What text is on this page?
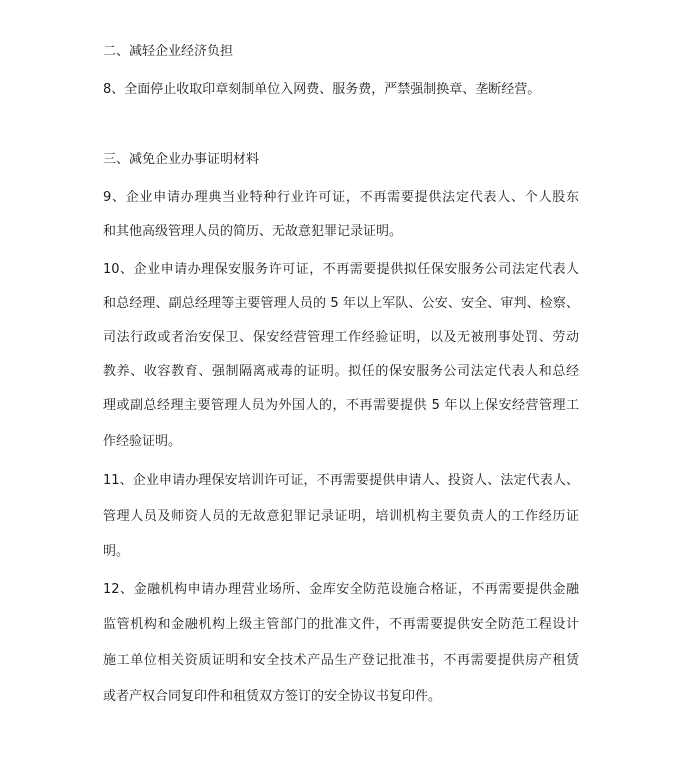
二、减轻企业经济负担
8、全面停止收取印章刻制单位入网费、服务费，严禁强制换章、垄断经营。
三、减免企业办事证明材料
9、企业申请办理典当业特种行业许可证，不再需要提供法定代表人、个人股东
和其他高级管理人员的简历、无故意犯罪记录证明。
10、企业申请办理保安服务许可证，不再需要提供拟任保安服务公司法定代表人
和总经理、副总经理等主要管理人员的 5 年以上军队、公安、安全、审判、检察、
司法行政或者治安保卫、保安经营管理工作经验证明，以及无被刑事处罚、劳动
教养、收容教育、强制隔离戒毒的证明。拟任的保安服务公司法定代表人和总经
理或副总经理主要管理人员为外国人的，不再需要提供 5 年以上保安经营管理工
作经验证明。
11、企业申请办理保安培训许可证，不再需要提供申请人、投资人、法定代表人、
管理人员及师资人员的无故意犯罪记录证明，培训机构主要负责人的工作经历证
明。
12、金融机构申请办理营业场所、金库安全防范设施合格证，不再需要提供金融
监管机构和金融机构上级主管部门的批准文件，不再需要提供安全防范工程设计
施工单位相关资质证明和安全技术产品生产登记批准书，不再需要提供房产租赁
或者产权合同复印件和租赁双方签订的安全协议书复印件。
